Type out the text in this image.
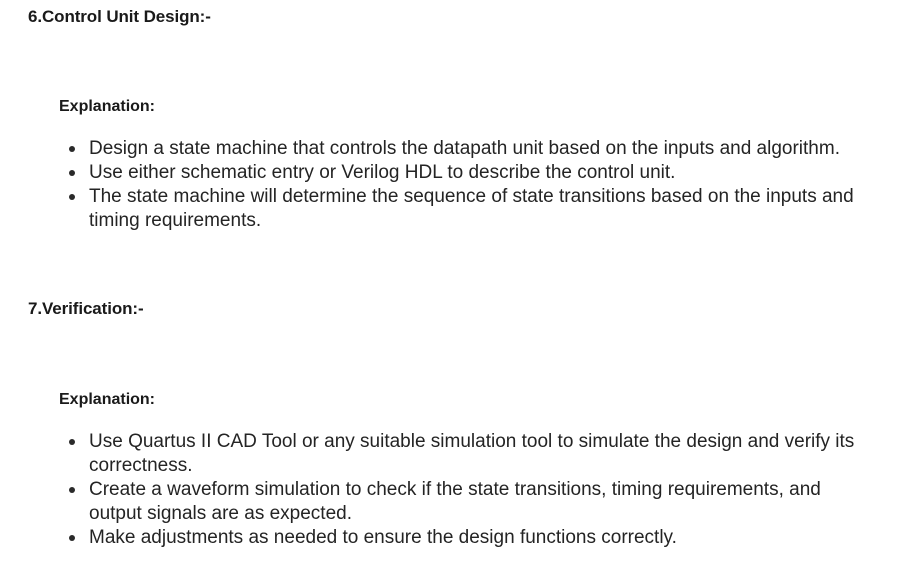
6.Control Unit Design:-
Explanation:
Design a state machine that controls the datapath unit based on the inputs and algorithm.
Use either schematic entry or Verilog HDL to describe the control unit.
The state machine will determine the sequence of state transitions based on the inputs and timing requirements.
7.Verification:-
Explanation:
Use Quartus II CAD Tool or any suitable simulation tool to simulate the design and verify its correctness.
Create a waveform simulation to check if the state transitions, timing requirements, and output signals are as expected.
Make adjustments as needed to ensure the design functions correctly.
